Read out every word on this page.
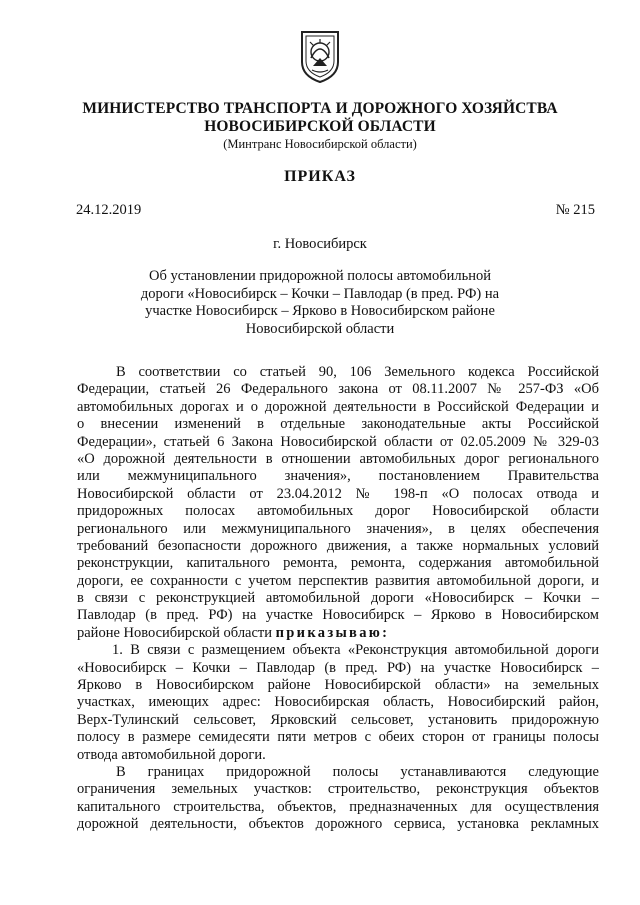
МИНИСТЕРСТВО ТРАНСПОРТА И ДОРОЖНОГО ХОЗЯЙСТВА
НОВОСИБИРСКОЙ ОБЛАСТИ
(Минтранс Новосибирской области)
ПРИКАЗ
24.12.2019	№ 215
г. Новосибирск
Об установлении придорожной полосы автомобильной
дороги «Новосибирск – Кочки – Павлодар (в пред. РФ) на
участке Новосибирск – Ярково в Новосибирском районе
Новосибирской области
В соответствии со статьей 90, 106 Земельного кодекса Российской
Федерации, статьей 26 Федерального закона от 08.11.2007 № 257-ФЗ «Об
автомобильных дорогах и о дорожной деятельности в Российской Федерации и
о внесении изменений в отдельные законодательные акты Российской
Федерации», статьей 6 Закона Новосибирской области от 02.05.2009 № 329-03
«О дорожной деятельности в отношении автомобильных дорог регионального
или межмуниципального значения», постановлением Правительства
Новосибирской области от 23.04.2012 № 198-п «О полосах отвода и
придорожных полосах автомобильных дорог Новосибирской области
регионального или межмуниципального значения», в целях обеспечения
требований безопасности дорожного движения, а также нормальных условий
реконструкции, капитального ремонта, ремонта, содержания автомобильной
дороги, ее сохранности с учетом перспектив развития автомобильной дороги, и
в связи с реконструкцией автомобильной дороги «Новосибирск – Кочки –
Павлодар (в пред. РФ) на участке Новосибирск – Ярково в Новосибирском
районе Новосибирской области приказываю:
1. В связи с размещением объекта «Реконструкция автомобильной дороги
«Новосибирск – Кочки – Павлодар (в пред. РФ) на участке Новосибирск –
Ярково в Новосибирском районе Новосибирской области» на земельных
участках, имеющих адрес: Новосибирская область, Новосибирский район,
Верх-Тулинский сельсовет, Ярковский сельсовет, установить придорожную
полосу в размере семидесяти пяти метров с обеих сторон от границы полосы
отвода автомобильной дороги.
В границах придорожной полосы устанавливаются следующие
ограничения земельных участков: строительство, реконструкция объектов
капитального строительства, объектов, предназначенных для осуществления
дорожной деятельности, объектов дорожного сервиса, установка рекламных
